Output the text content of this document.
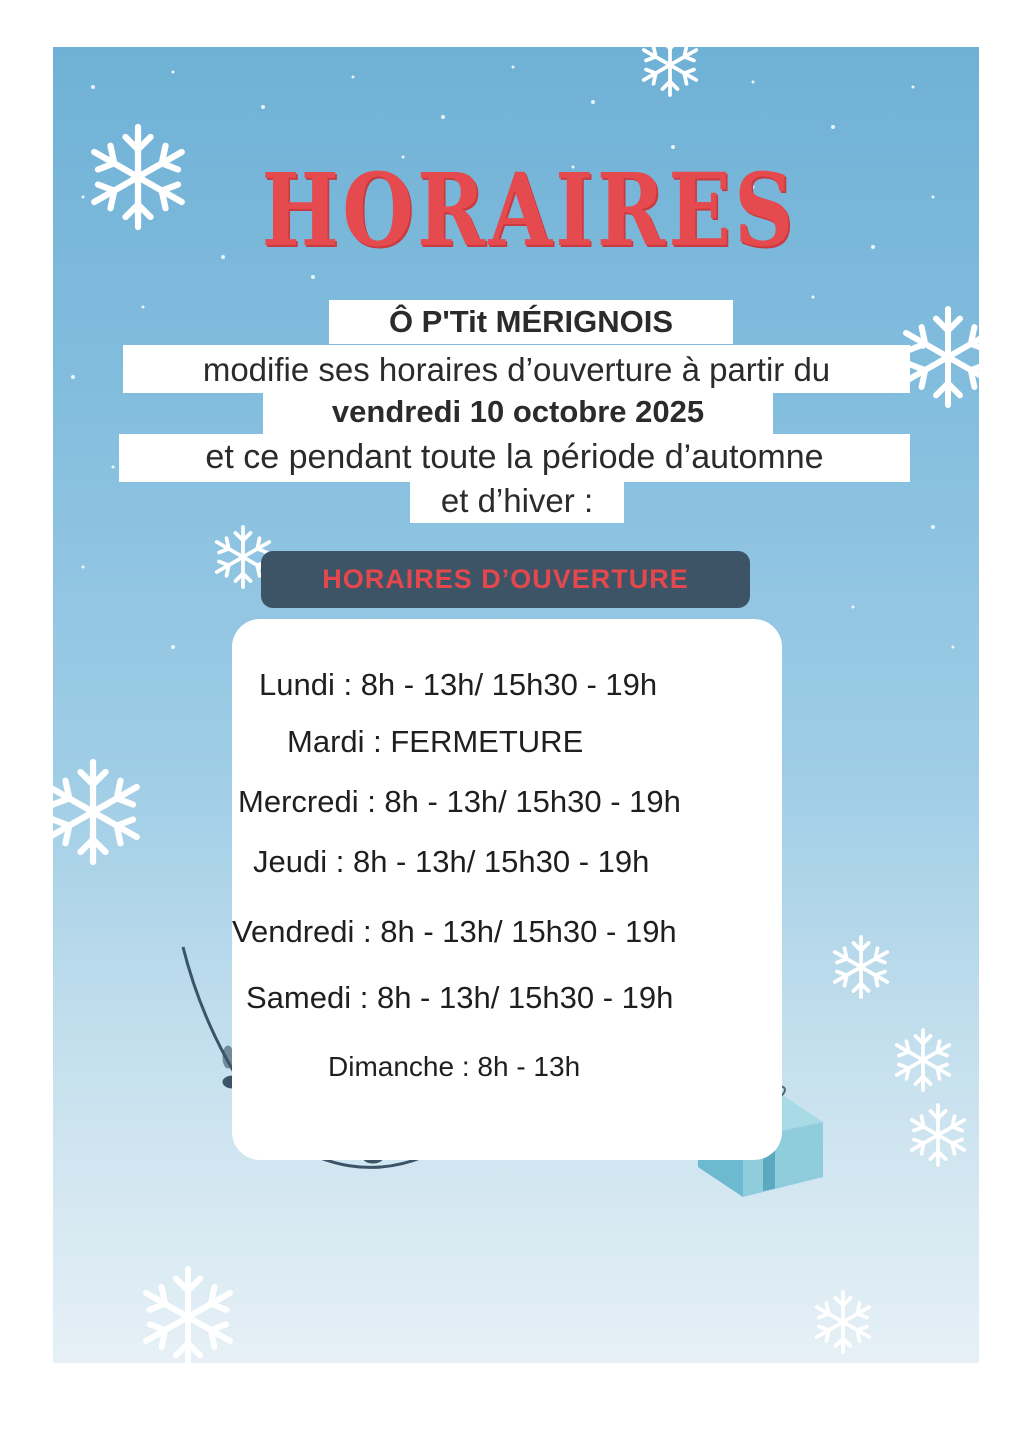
HORAIRES
Ô P'Tit MÉRIGNOIS
modifie ses horaires d’ouverture à partir du
vendredi 10 octobre 2025
et ce pendant toute la période d’automne
et d’hiver :
HORAIRES D’OUVERTURE
Lundi : 8h - 13h/ 15h30 - 19h
Mardi : FERMETURE
Mercredi : 8h - 13h/ 15h30 - 19h
Jeudi : 8h - 13h/ 15h30 - 19h
Vendredi : 8h - 13h/ 15h30 - 19h
Samedi : 8h - 13h/ 15h30 - 19h
Dimanche : 8h - 13h
